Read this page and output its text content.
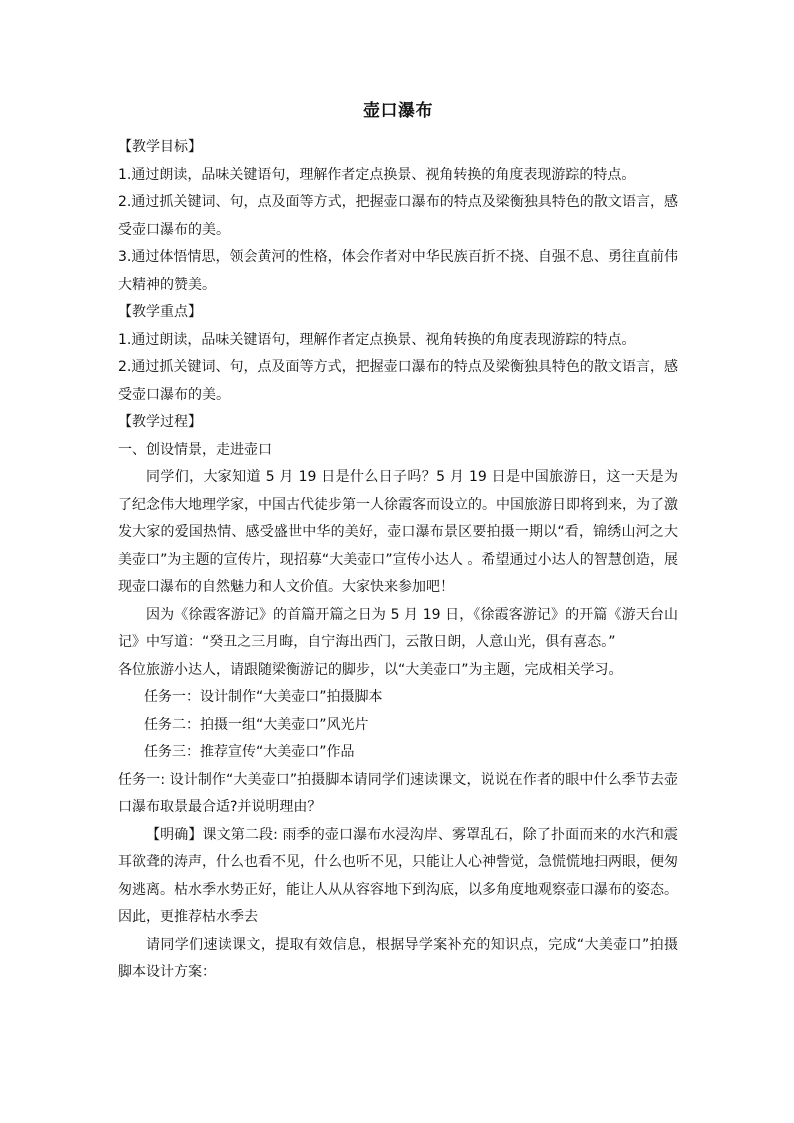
壶口瀑布

【教学目标】

1.通过朗读，品味关键语句，理解作者定点换景、视角转换的角度表现游踪的特点。

2.通过抓关键词、句，点及面等方式，把握壶口瀑布的特点及梁衡独具特色的散文语言，感受壶口瀑布的美。

3.通过体悟情思，领会黄河的性格，体会作者对中华民族百折不挠、自强不息、勇往直前伟大精神的赞美。

【教学重点】

1.通过朗读，品味关键语句，理解作者定点换景、视角转换的角度表现游踪的特点。

2.通过抓关键词、句，点及面等方式，把握壶口瀑布的特点及梁衡独具特色的散文语言，感受壶口瀑布的美。

【教学过程】

一、创设情景，走进壶口

同学们，大家知道 5 月 19 日是什么日子吗？5 月 19 日是中国旅游日，这一天是为了纪念伟大地理学家，中国古代徒步第一人徐霞客而设立的。中国旅游日即将到来，为了激发大家的爱国热情、感受盛世中华的美好，壶口瀑布景区要拍摄一期以“看，锦绣山河之大美壶口”为主题的宣传片，现招募“大美壶口”宣传小达人 。希望通过小达人的智慧创造，展现壶口瀑布的自然魅力和人文价值。大家快来参加吧！

因为《徐霞客游记》的首篇开篇之日为 5 月 19 日，《徐霞客游记》的开篇《游天台山记》中写道：“癸丑之三月晦，自宁海出西门，云散日朗，人意山光，俱有喜态。”

各位旅游小达人，请跟随梁衡游记的脚步，以“大美壶口”为主题，完成相关学习。

任务一：设计制作“大美壶口”拍摄脚本

任务二：拍摄一组“大美壶口”风光片

任务三：推荐宣传“大美壶口”作品

任务一: 设计制作“大美壶口”拍摄脚本请同学们速读课文，说说在作者的眼中什么季节去壶口瀑布取景最合适?并说明理由？

【明确】课文第二段: 雨季的壶口瀑布水浸沟岸、雾罩乱石，除了扑面而来的水汽和震耳欲聋的涛声，什么也看不见，什么也听不见，只能让人心神訾觉，急慌慌地扫两眼，便匆匆逃离。枯水季水势正好，能让人从从容容地下到沟底，以多角度地观察壶口瀑布的姿态。因此，更推荐枯水季去

请同学们速读课文，提取有效信息，根据导学案补充的知识点，完成“大美壶口”拍摄脚本设计方案：
